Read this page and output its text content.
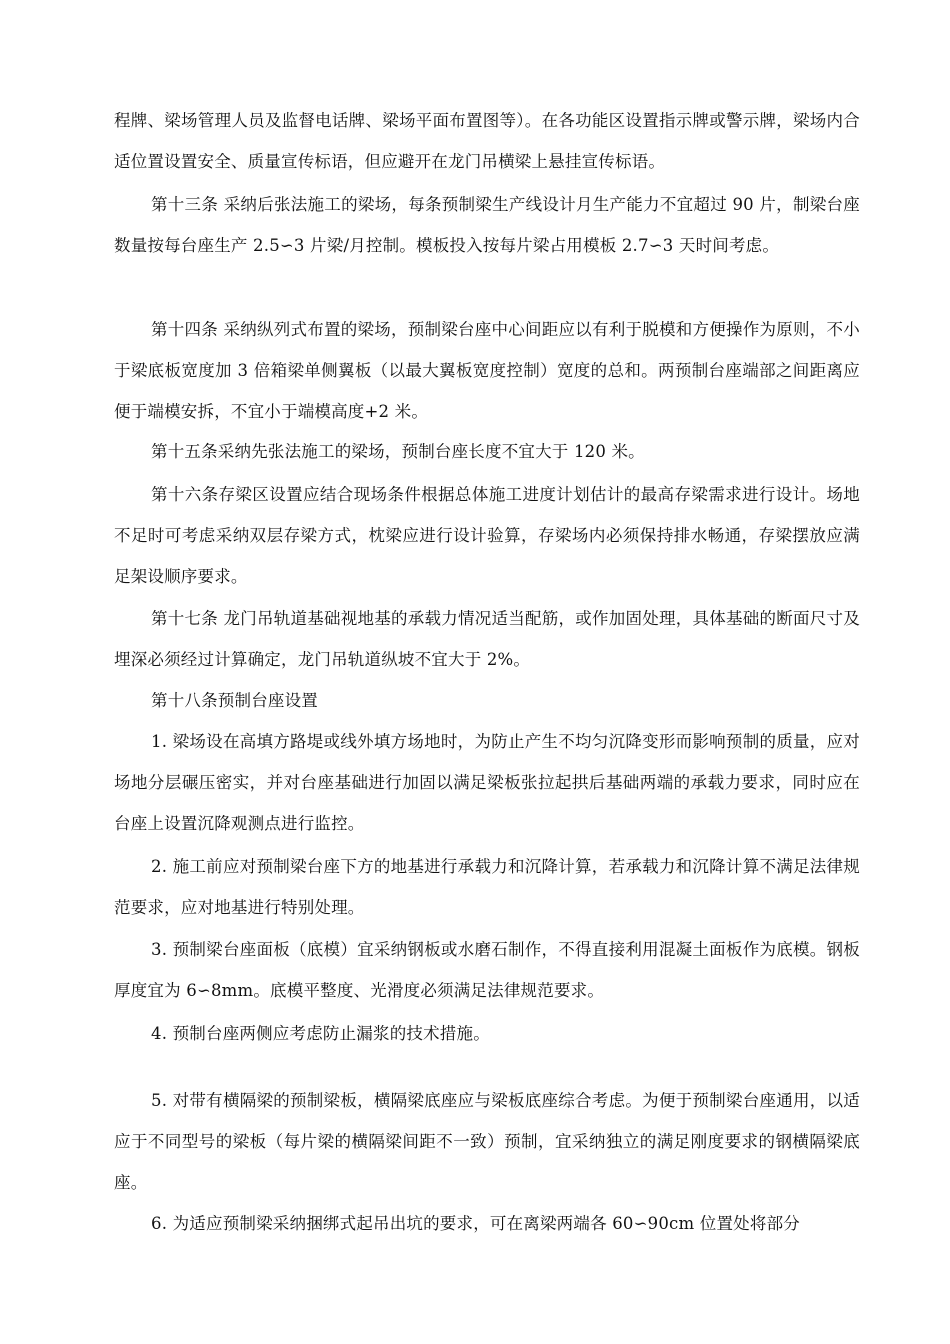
程牌、梁场管理人员及监督电话牌、梁场平面布置图等）。在各功能区设置指示牌或警示牌，梁场内合适位置设置安全、质量宣传标语，但应避开在龙门吊横梁上悬挂宣传标语。

第十三条 采纳后张法施工的梁场，每条预制梁生产线设计月生产能力不宜超过 90 片，制梁台座数量按每台座生产 2.5∽3 片梁/月控制。模板投入按每片梁占用模板 2.7∽3 天时间考虑。

第十四条 采纳纵列式布置的梁场，预制梁台座中心间距应以有利于脱模和方便操作为原则，不小于梁底板宽度加 3 倍箱梁单侧翼板（以最大翼板宽度控制）宽度的总和。两预制台座端部之间距离应便于端模安拆，不宜小于端模高度+2 米。

第十五条采纳先张法施工的梁场，预制台座长度不宜大于 120 米。

第十六条存梁区设置应结合现场条件根据总体施工进度计划估计的最高存梁需求进行设计。场地不足时可考虑采纳双层存梁方式，枕梁应进行设计验算，存梁场内必须保持排水畅通，存梁摆放应满足架设顺序要求。

第十七条 龙门吊轨道基础视地基的承载力情况适当配筋，或作加固处理，具体基础的断面尺寸及埋深必须经过计算确定，龙门吊轨道纵坡不宜大于 2%。

第十八条预制台座设置

1. 梁场设在高填方路堤或线外填方场地时，为防止产生不均匀沉降变形而影响预制的质量，应对场地分层碾压密实，并对台座基础进行加固以满足梁板张拉起拱后基础两端的承载力要求，同时应在台座上设置沉降观测点进行监控。

2. 施工前应对预制梁台座下方的地基进行承载力和沉降计算，若承载力和沉降计算不满足法律规范要求，应对地基进行特别处理。

3. 预制梁台座面板（底模）宜采纳钢板或水磨石制作，不得直接利用混凝土面板作为底模。钢板厚度宜为 6∽8mm。底模平整度、光滑度必须满足法律规范要求。

4. 预制台座两侧应考虑防止漏浆的技术措施。

5. 对带有横隔梁的预制梁板，横隔梁底座应与梁板底座综合考虑。为便于预制梁台座通用，以适应于不同型号的梁板（每片梁的横隔梁间距不一致）预制，宜采纳独立的满足刚度要求的钢横隔梁底座。

6. 为适应预制梁采纳捆绑式起吊出坑的要求，可在离梁两端各 60∽90cm 位置处将部分
